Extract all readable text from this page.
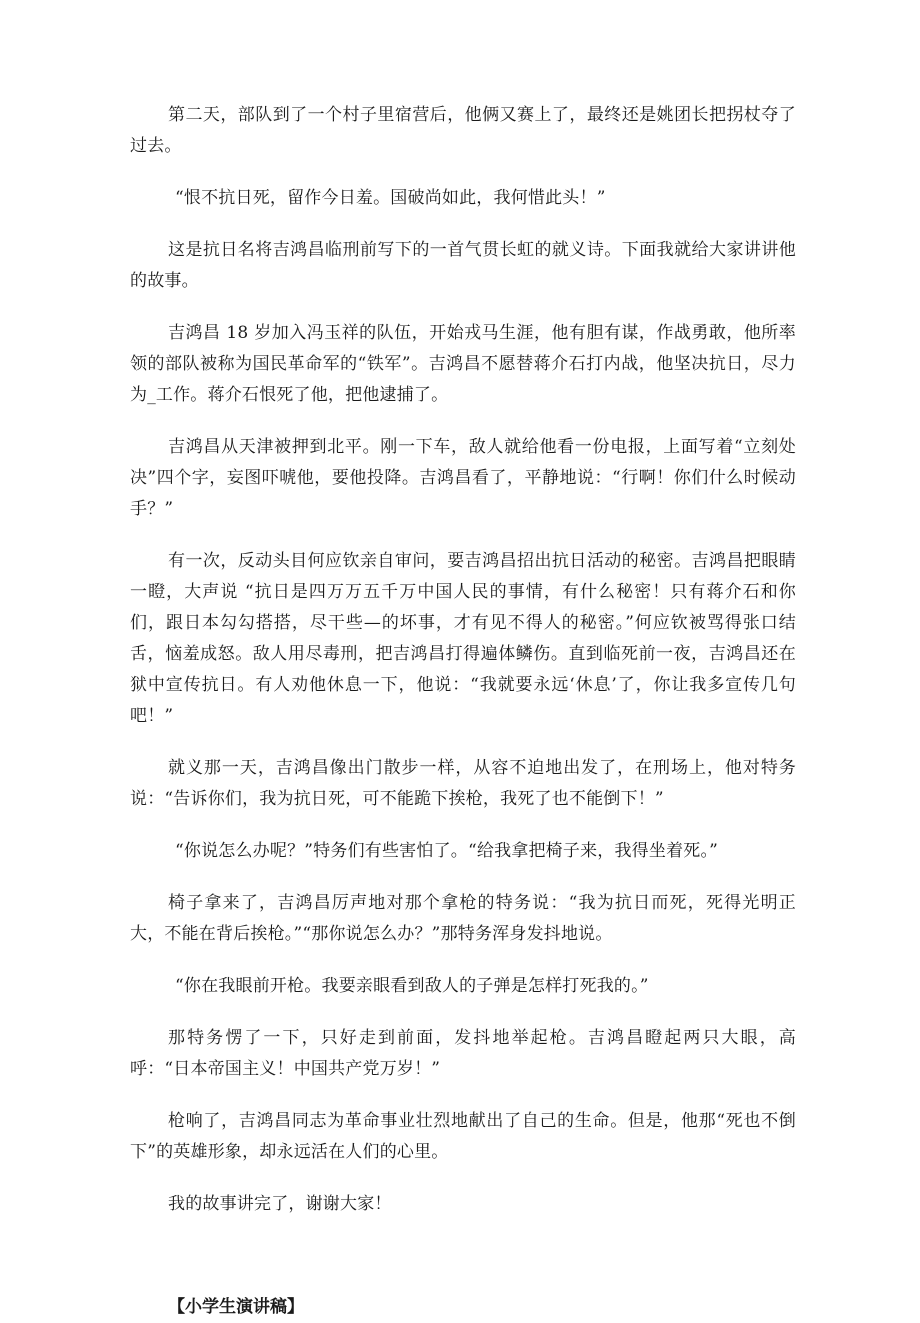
第二天，部队到了一个村子里宿营后，他俩又赛上了，最终还是姚团长把拐杖夺了过去。

“恨不抗日死，留作今日羞。国破尚如此，我何惜此头！”

这是抗日名将吉鸿昌临刑前写下的一首气贯长虹的就义诗。下面我就给大家讲讲他的故事。

吉鸿昌 18 岁加入冯玉祥的队伍，开始戎马生涯，他有胆有谋，作战勇敢，他所率领的部队被称为国民革命军的“铁军”。吉鸿昌不愿替蒋介石打内战，他坚决抗日，尽力为_工作。蒋介石恨死了他，把他逮捕了。

吉鸿昌从天津被押到北平。刚一下车，敌人就给他看一份电报，上面写着“立刻处决”四个字，妄图吓唬他，要他投降。吉鸿昌看了，平静地说：“行啊！你们什么时候动手？”

有一次，反动头目何应钦亲自审问，要吉鸿昌招出抗日活动的秘密。吉鸿昌把眼睛一瞪，大声说 “抗日是四万万五千万中国人民的事情，有什么秘密！只有蒋介石和你们，跟日本勾勾搭搭，尽干些—的坏事，才有见不得人的秘密。”何应钦被骂得张口结舌，恼羞成怒。敌人用尽毒刑，把吉鸿昌打得遍体鳞伤。直到临死前一夜，吉鸿昌还在狱中宣传抗日。有人劝他休息一下，他说：“我就要永远‘休息’了，你让我多宣传几句吧！”

就义那一天，吉鸿昌像出门散步一样，从容不迫地出发了，在刑场上，他对特务说：“告诉你们，我为抗日死，可不能跪下挨枪，我死了也不能倒下！”

“你说怎么办呢？”特务们有些害怕了。“给我拿把椅子来，我得坐着死。”

椅子拿来了，吉鸿昌厉声地对那个拿枪的特务说：“我为抗日而死，死得光明正大，不能在背后挨枪。”“那你说怎么办？”那特务浑身发抖地说。

“你在我眼前开枪。我要亲眼看到敌人的子弹是怎样打死我的。”

那特务愣了一下，只好走到前面，发抖地举起枪。吉鸿昌瞪起两只大眼，高呼：“日本帝国主义！中国共产党万岁！”

枪响了，吉鸿昌同志为革命事业壮烈地献出了自己的生命。但是，他那“死也不倒下”的英雄形象，却永远活在人们的心里。

我的故事讲完了，谢谢大家！

【小学生演讲稿】
